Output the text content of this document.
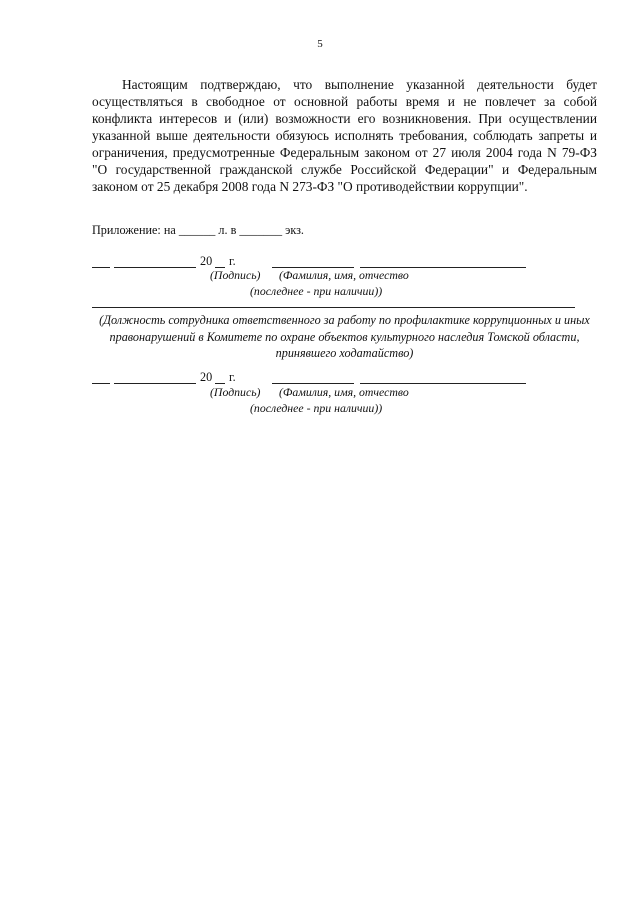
5

Настоящим подтверждаю, что выполнение указанной деятельности будет осуществляться в свободное от основной работы время и не повлечет за собой конфликта интересов и (или) возможности его возникновения. При осуществлении указанной выше деятельности обязуюсь исполнять требования, соблюдать запреты и ограничения, предусмотренные Федеральным законом от 27 июля 2004 года N 79-ФЗ "О государственной гражданской службе Российской Федерации" и Федеральным законом от 25 декабря 2008 года N 273-ФЗ "О противодействии коррупции".

Приложение: на ______ л. в _______ экз.
20 г.
(Подпись) (Фамилия, имя, отчество
(последнее - при наличии))
(Должность сотрудника ответственного за работу по профилактике коррупционных и иных правонарушений в Комитете по охране объектов культурного наследия Томской области, принявшего ходатайство)
20 г.
(Подпись) (Фамилия, имя, отчество
(последнее - при наличии))
